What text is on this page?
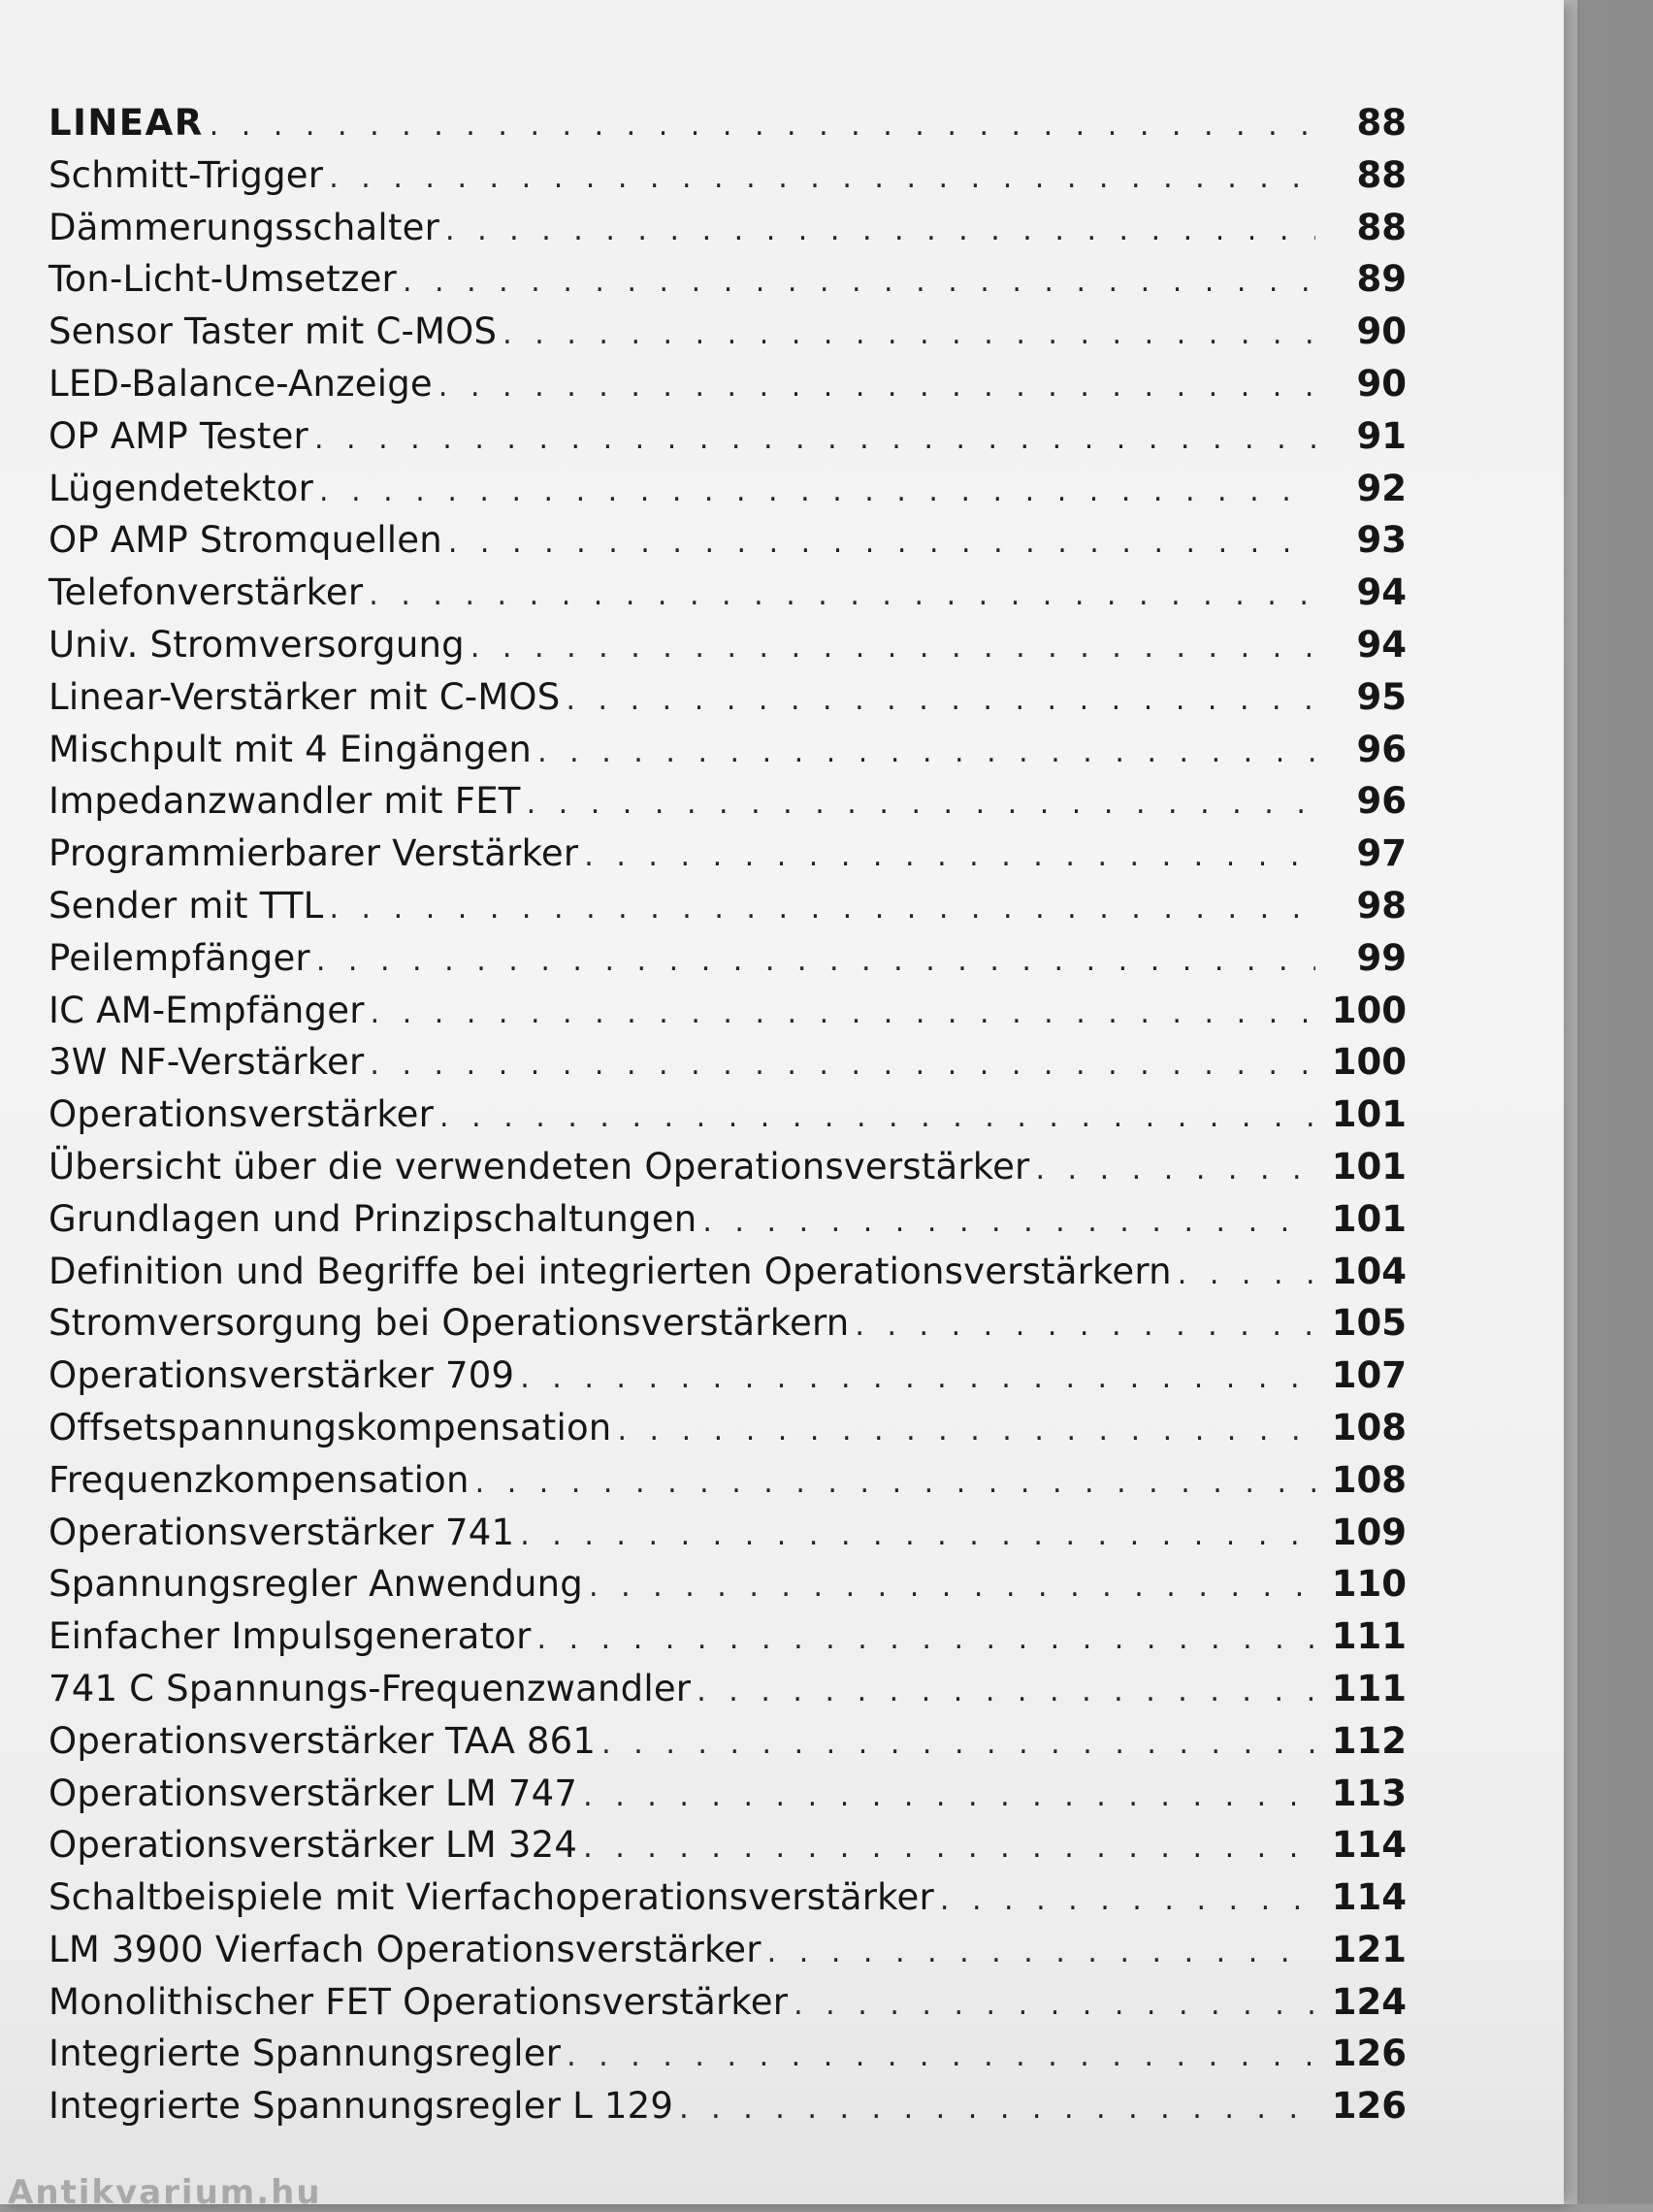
LINEAR . . .	88
Schmitt-Trigger . . .	88
Dämmerungsschalter . . .	88
Ton-Licht-Umsetzer . . .	89
Sensor Taster mit C-MOS . . .	90
LED-Balance-Anzeige . . .	90
OP AMP Tester . . .	91
Lügendetektor . . .	92
OP AMP Stromquellen . . .	93
Telefonverstärker . . .	94
Univ. Stromversorgung . . .	94
Linear-Verstärker mit C-MOS . . .	95
Mischpult mit 4 Eingängen . . .	96
Impedanzwandler mit FET . . .	96
Programmierbarer Verstärker . . .	97
Sender mit TTL . . .	98
Peilempfänger . . .	99
IC AM-Empfänger . . .	100
3W NF-Verstärker . . .	100
Operationsverstärker . . .	101
Übersicht über die verwendeten Operationsverstärker . . .	101
Grundlagen und Prinzipschaltungen . . .	101
Definition und Begriffe bei integrierten Operationsverstärkern . . .	104
Stromversorgung bei Operationsverstärkern . . .	105
Operationsverstärker 709 . . .	107
Offsetspannungskompensation . . .	108
Frequenzkompensation . . .	108
Operationsverstärker 741 . . .	109
Spannungsregler Anwendung . . .	110
Einfacher Impulsgenerator . . .	111
741 C Spannungs-Frequenzwandler . . .	111
Operationsverstärker TAA 861 . . .	112
Operationsverstärker LM 747 . . .	113
Operationsverstärker LM 324 . . .	114
Schaltbeispiele mit Vierfachoperationsverstärker . . .	114
LM 3900 Vierfach Operationsverstärker . . .	121
Monolithischer FET Operationsverstärker . . .	124
Integrierte Spannungsregler . . .	126
Integrierte Spannungsregler L 129 . . .	126
Antikvarium.hu
